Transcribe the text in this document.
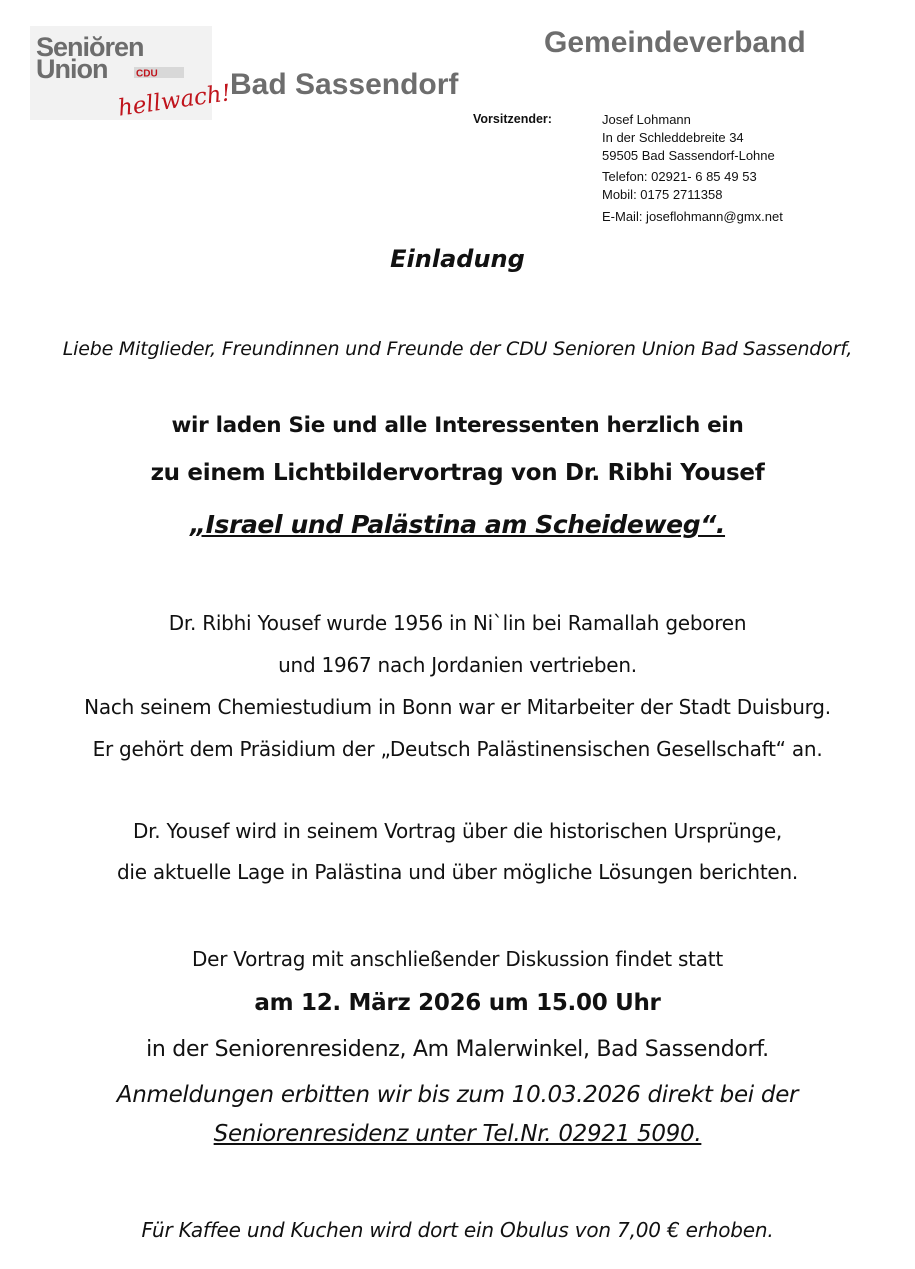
Seniŏren
Union	CDU
hellwach!
Gemeindeverband
Bad Sassendorf
Vorsitzender:	Josef Lohmann
In der Schleddebreite 34
59505 Bad Sassendorf-Lohne
Telefon: 02921- 6 85 49 53
Mobil: 0175 2711358
E-Mail: joseflohmann@gmx.net
Einladung
Liebe Mitglieder, Freundinnen und Freunde der CDU Senioren Union Bad Sassendorf,
wir laden Sie und alle Interessenten herzlich ein
zu einem Lichtbildervortrag von Dr. Ribhi Yousef
„Israel und Palästina am Scheideweg“.
Dr. Ribhi Yousef wurde 1956 in Ni`lin bei Ramallah geboren
und 1967 nach Jordanien vertrieben.
Nach seinem Chemiestudium in Bonn war er Mitarbeiter der Stadt Duisburg.
Er gehört dem Präsidium der „Deutsch Palästinensischen Gesellschaft“ an.
Dr. Yousef wird in seinem Vortrag über die historischen Ursprünge,
die aktuelle Lage in Palästina und über mögliche Lösungen berichten.
Der Vortrag mit anschließender Diskussion findet statt
am 12. März 2026 um 15.00 Uhr
in der Seniorenresidenz, Am Malerwinkel, Bad Sassendorf.
Anmeldungen erbitten wir bis zum 10.03.2026 direkt bei der
Seniorenresidenz unter Tel.Nr. 02921 5090.
Für Kaffee und Kuchen wird dort ein Obulus von 7,00 € erhoben.
